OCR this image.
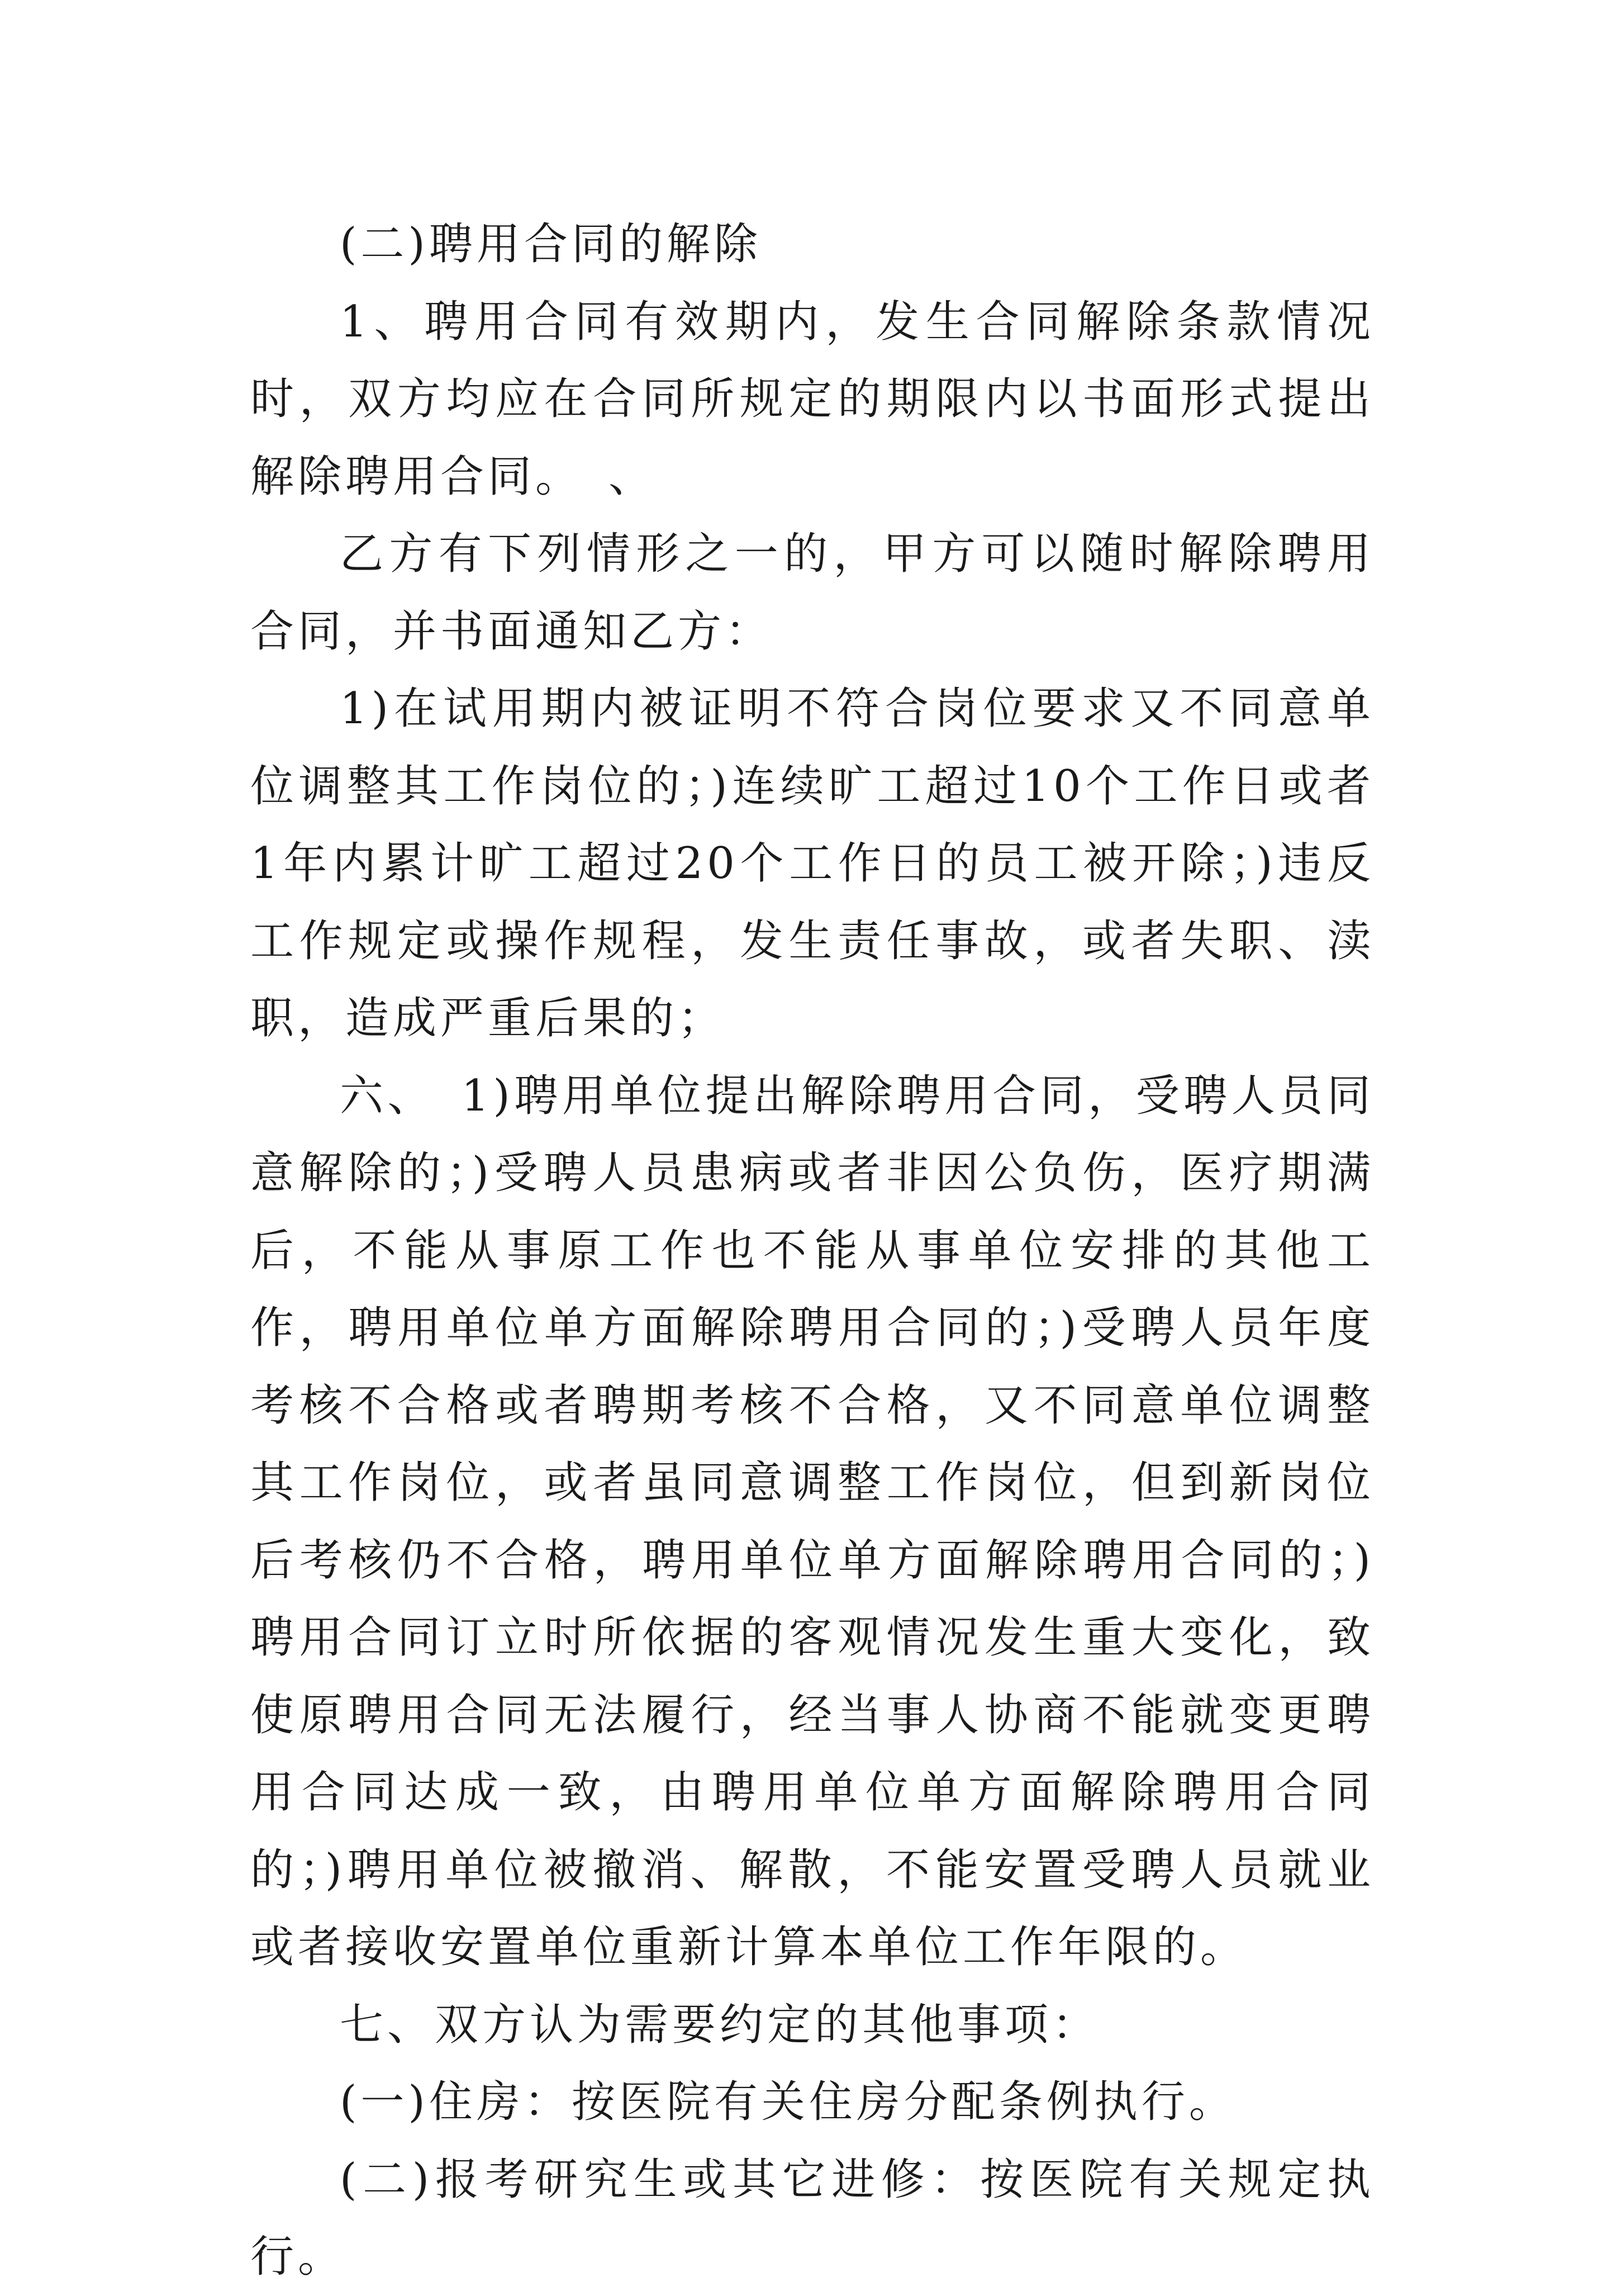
(二)聘用合同的解除

1、聘用合同有效期内，发生合同解除条款情况时，双方均应在合同所规定的期限内以书面形式提出解除聘用合同。　、

乙方有下列情形之一的，甲方可以随时解除聘用合同，并书面通知乙方：

1)在试用期内被证明不符合岗位要求又不同意单位调整其工作岗位的；)连续旷工超过10个工作日或者1年内累计旷工超过20个工作日的员工被开除；)违反工作规定或操作规程，发生责任事故，或者失职、渎职，造成严重后果的；

六、　1)聘用单位提出解除聘用合同，受聘人员同意解除的；)受聘人员患病或者非因公负伤，医疗期满后，不能从事原工作也不能从事单位安排的其他工作，聘用单位单方面解除聘用合同的；)受聘人员年度考核不合格或者聘期考核不合格，又不同意单位调整其工作岗位，或者虽同意调整工作岗位，但到新岗位后考核仍不合格，聘用单位单方面解除聘用合同的；)聘用合同订立时所依据的客观情况发生重大变化，致使原聘用合同无法履行，经当事人协商不能就变更聘用合同达成一致，由聘用单位单方面解除聘用合同的；)聘用单位被撤消、解散，不能安置受聘人员就业或者接收安置单位重新计算本单位工作年限的。

七、双方认为需要约定的其他事项：

(一)住房：按医院有关住房分配条例执行。

(二)报考研究生或其它进修：按医院有关规定执行。
